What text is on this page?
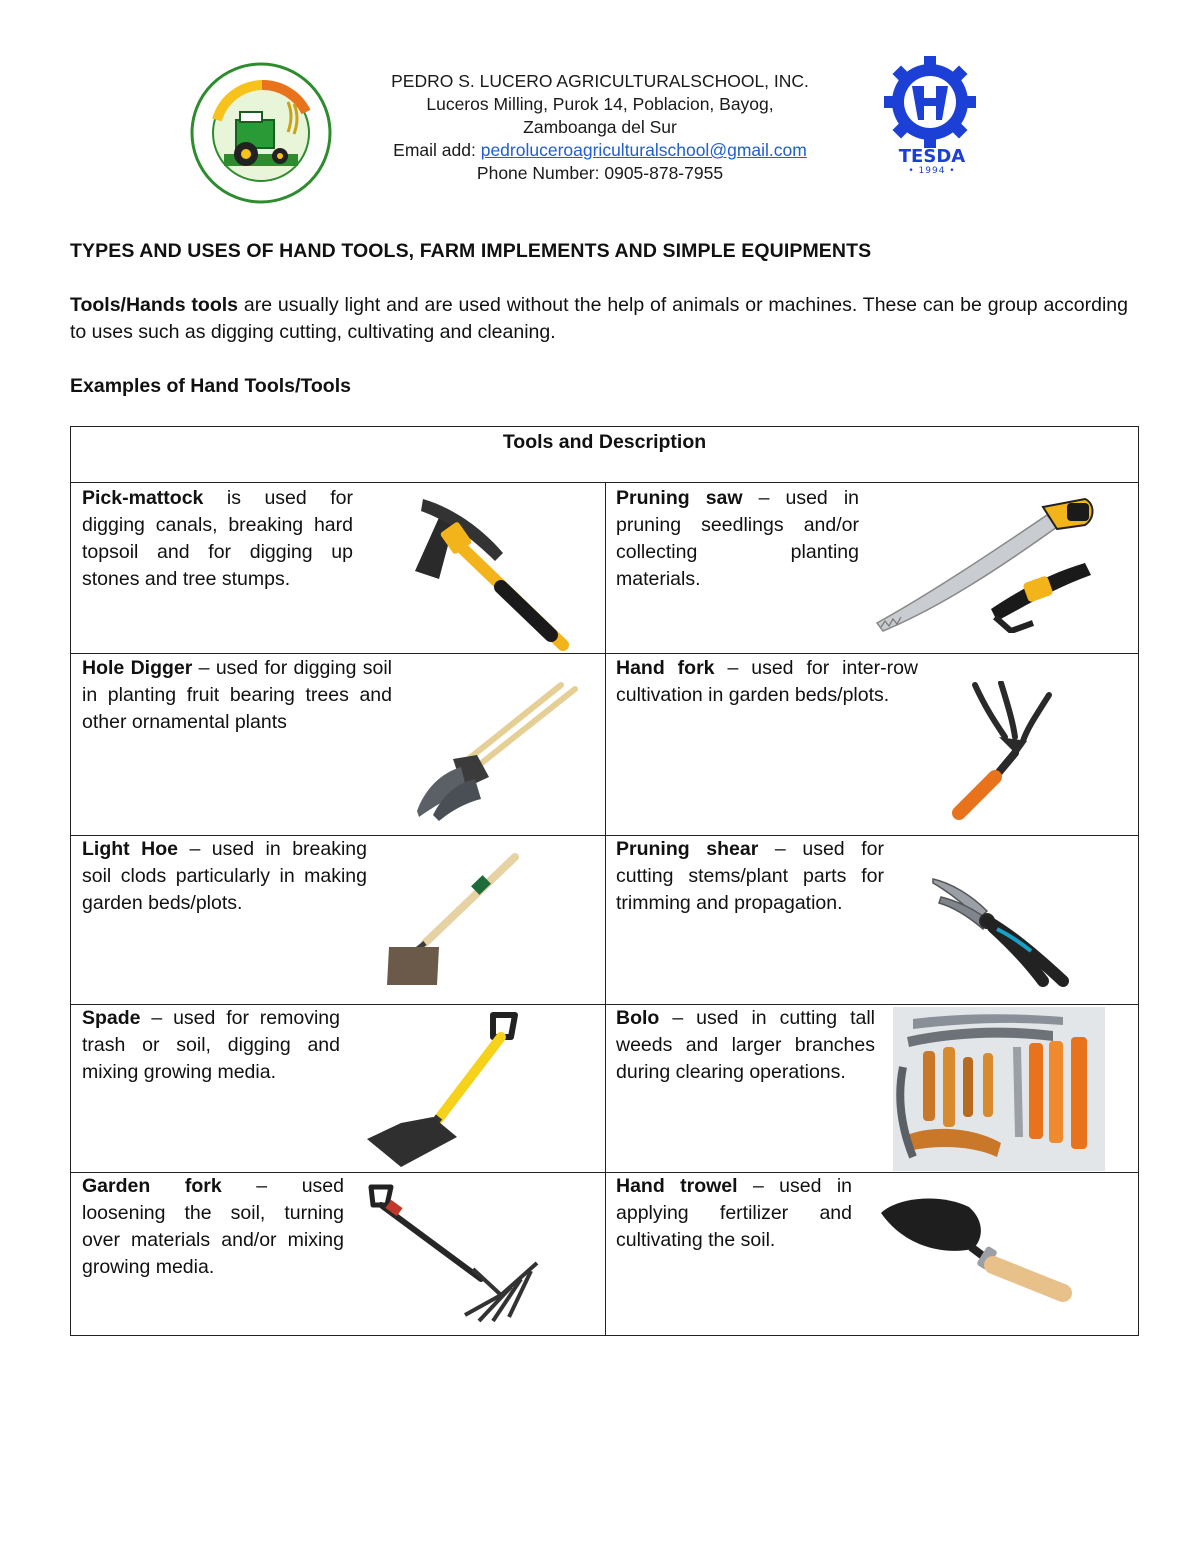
TESDA
• 1994 •
PEDRO S. LUCERO AGRICULTURALSCHOOL, INC.
Luceros Milling, Purok 14, Poblacion, Bayog,
Zamboanga del Sur
Email add: pedroluceroagriculturalschool@gmail.com
Phone Number: 0905-878-7955
TYPES AND USES OF HAND TOOLS, FARM IMPLEMENTS AND SIMPLE EQUIPMENTS
Tools/Hands tools are usually light and are used without the help of animals or machines. These can be group according to uses such as digging cutting, cultivating and cleaning.
Examples of Hand Tools/Tools
Tools and Description
Pick-mattock is used for digging canals, breaking hard topsoil and for digging up stones and tree stumps.
Pruning saw – used in pruning seedlings and/or collecting planting materials.
Hole Digger – used for digging soil in planting fruit bearing trees and other ornamental plants
Hand fork – used for inter-row cultivation in garden beds/plots.
Light Hoe – used in breaking soil clods particularly in making garden beds/plots.
Pruning shear – used for cutting stems/plant parts for trimming and propagation.
Spade – used for removing trash or soil, digging and mixing growing media.
Bolo – used in cutting tall weeds and larger branches during clearing operations.
Garden fork – used loosening the soil, turning over materials and/or mixing growing media.
Hand trowel – used in applying fertilizer and cultivating the soil.
